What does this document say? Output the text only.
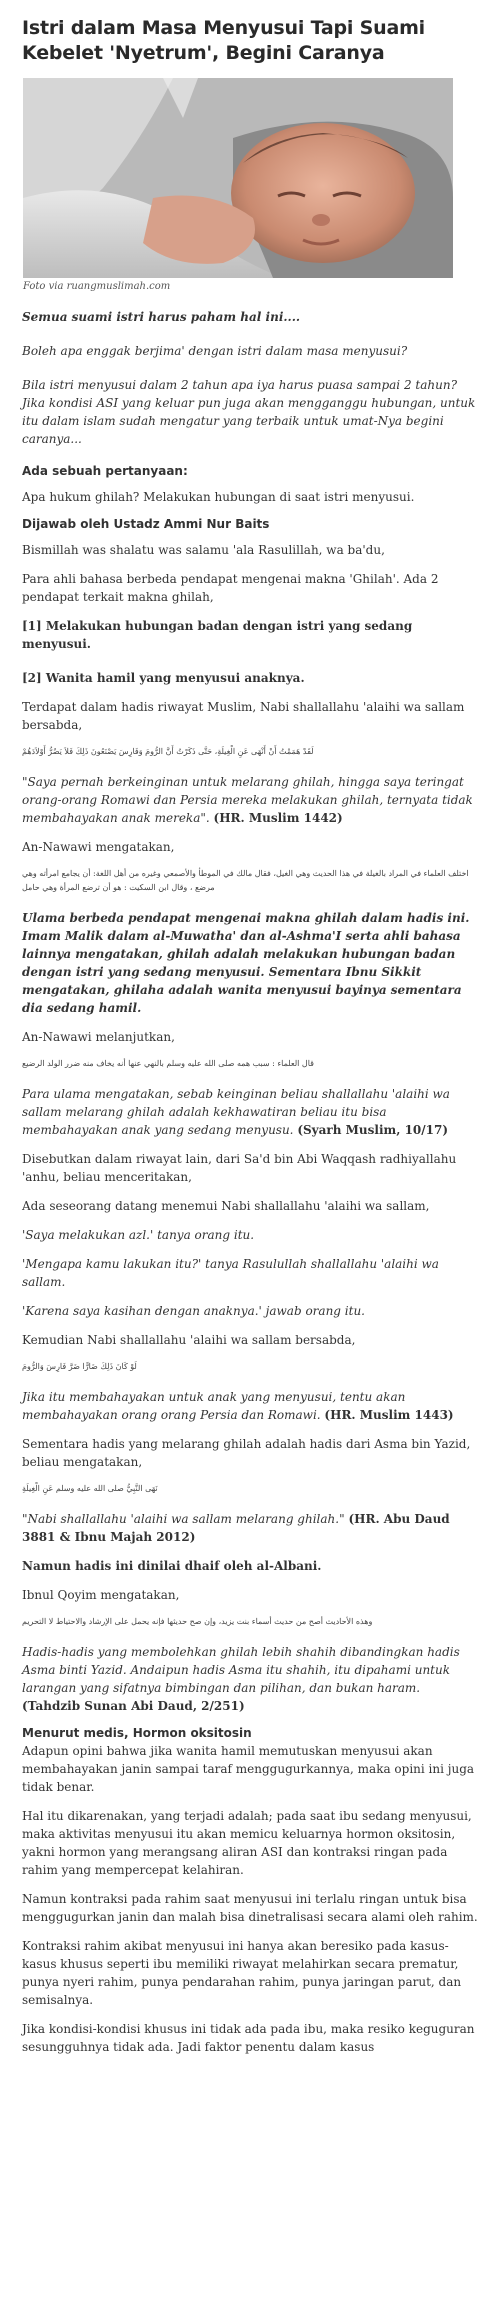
Istri dalam Masa Menyusui Tapi Suami Kebelet 'Nyetrum', Begini Caranya
Foto via ruangmuslimah.com

Semua suami istri harus paham hal ini....

Boleh apa enggak berjima' dengan istri dalam masa menyusui?

Bila istri menyusui dalam 2 tahun apa iya harus puasa sampai 2 tahun? Jika kondisi ASI yang keluar pun juga akan mengganggu hubungan, untuk itu dalam islam sudah mengatur yang terbaik untuk umat-Nya begini caranya...

Ada sebuah pertanyaan:

Apa hukum ghilah? Melakukan hubungan di saat istri menyusui.

Dijawab oleh Ustadz Ammi Nur Baits

Bismillah was shalatu was salamu 'ala Rasulillah, wa ba'du,

Para ahli bahasa berbeda pendapat mengenai makna 'Ghilah'. Ada 2 pendapat terkait makna ghilah,

[1] Melakukan hubungan badan dengan istri yang sedang menyusui.

[2] Wanita hamil yang menyusui anaknya.

Terdapat dalam hadis riwayat Muslim, Nabi shallallahu 'alaihi wa sallam bersabda,

لَقَدْ هَمَمْتُ أَنْ أَنْهَى عَنِ الْغِيلَةِ، حَتَّى ذَكَرْتُ أَنَّ الرُّومَ وَفَارِسَ يَصْنَعُونَ ذَلِكَ فَلاَ يَضُرُّ أَوْلاَدَهُمْ

"Saya pernah berkeinginan untuk melarang ghilah, hingga saya teringat orang-orang Romawi dan Persia mereka melakukan ghilah, ternyata tidak membahayakan anak mereka". (HR. Muslim 1442)

An-Nawawi mengatakan,

اختلف العلماء في المراد بالغيلة في هذا الحديث وهي الغيل، فقال مالك في الموطأ والأصمعي وغيره من أهل اللغة: أن يجامع امرأته وهي مرضع ، وقال ابن السكيت : هو أن ترضع المرأة وهي حامل

Ulama berbeda pendapat mengenai makna ghilah dalam hadis ini. Imam Malik dalam al-Muwatha' dan al-Ashma'I serta ahli bahasa lainnya mengatakan, ghilah adalah melakukan hubungan badan dengan istri yang sedang menyusui. Sementara Ibnu Sikkit mengatakan, ghilaha adalah wanita menyusui bayinya sementara dia sedang hamil.

An-Nawawi melanjutkan,

قال العلماء : سبب همه صلى الله عليه وسلم بالنهي عنها أنه يخاف منه ضرر الولد الرضيع

Para ulama mengatakan, sebab keinginan beliau shallallahu 'alaihi wa sallam melarang ghilah adalah kekhawatiran beliau itu bisa membahayakan anak yang sedang menyusu. (Syarh Muslim, 10/17)

Disebutkan dalam riwayat lain, dari Sa'd bin Abi Waqqash radhiyallahu 'anhu, beliau menceritakan,

Ada seseorang datang menemui Nabi shallallahu 'alaihi wa sallam,

'Saya melakukan azl.' tanya orang itu.

'Mengapa kamu lakukan itu?' tanya Rasulullah shallallahu 'alaihi wa sallam.

'Karena saya kasihan dengan anaknya.' jawab orang itu.

Kemudian Nabi shallallahu 'alaihi wa sallam bersabda,

لَوْ كَانَ ذَلِكَ ضَارًّا ضَرَّ فَارِسَ وَالرُّومَ

Jika itu membahayakan untuk anak yang menyusui, tentu akan membahayakan orang orang Persia dan Romawi. (HR. Muslim 1443)

Sementara hadis yang melarang ghilah adalah hadis dari Asma bin Yazid, beliau mengatakan,

نَهَى النَّبِيُّ صلى الله عليه وسلم عَنِ الْغِيلَةِ

"Nabi shallallahu 'alaihi wa sallam melarang ghilah." (HR. Abu Daud 3881 & Ibnu Majah 2012)

Namun hadis ini dinilai dhaif oleh al-Albani.

Ibnul Qoyim mengatakan,

وهذه الأحاديث أصح من حديث أسماء بنت يزيد، وإن صح حديثها فإنه يحمل على الإرشاد والاحتياط لا التحريم

Hadis-hadis yang membolehkan ghilah lebih shahih dibandingkan hadis Asma binti Yazid. Andaipun hadis Asma itu shahih, itu dipahami untuk larangan yang sifatnya bimbingan dan pilihan, dan bukan haram. (Tahdzib Sunan Abi Daud, 2/251)

Menurut medis, Hormon oksitosin

Adapun opini bahwa jika wanita hamil memutuskan menyusui akan membahayakan janin sampai taraf menggugurkannya, maka opini ini juga tidak benar.

Hal itu dikarenakan, yang terjadi adalah; pada saat ibu sedang menyusui, maka aktivitas menyusui itu akan memicu keluarnya hormon oksitosin, yakni hormon yang merangsang aliran ASI dan kontraksi ringan pada rahim yang mempercepat kelahiran.

Namun kontraksi pada rahim saat menyusui ini terlalu ringan untuk bisa menggugurkan janin dan malah bisa dinetralisasi secara alami oleh rahim.

Kontraksi rahim akibat menyusui ini hanya akan beresiko pada kasus-kasus khusus seperti ibu memiliki riwayat melahirkan secara prematur, punya nyeri rahim, punya pendarahan rahim, punya jaringan parut, dan semisalnya.

Jika kondisi-kondisi khusus ini tidak ada pada ibu, maka resiko keguguran sesungguhnya tidak ada. Jadi faktor penentu dalam kasus
